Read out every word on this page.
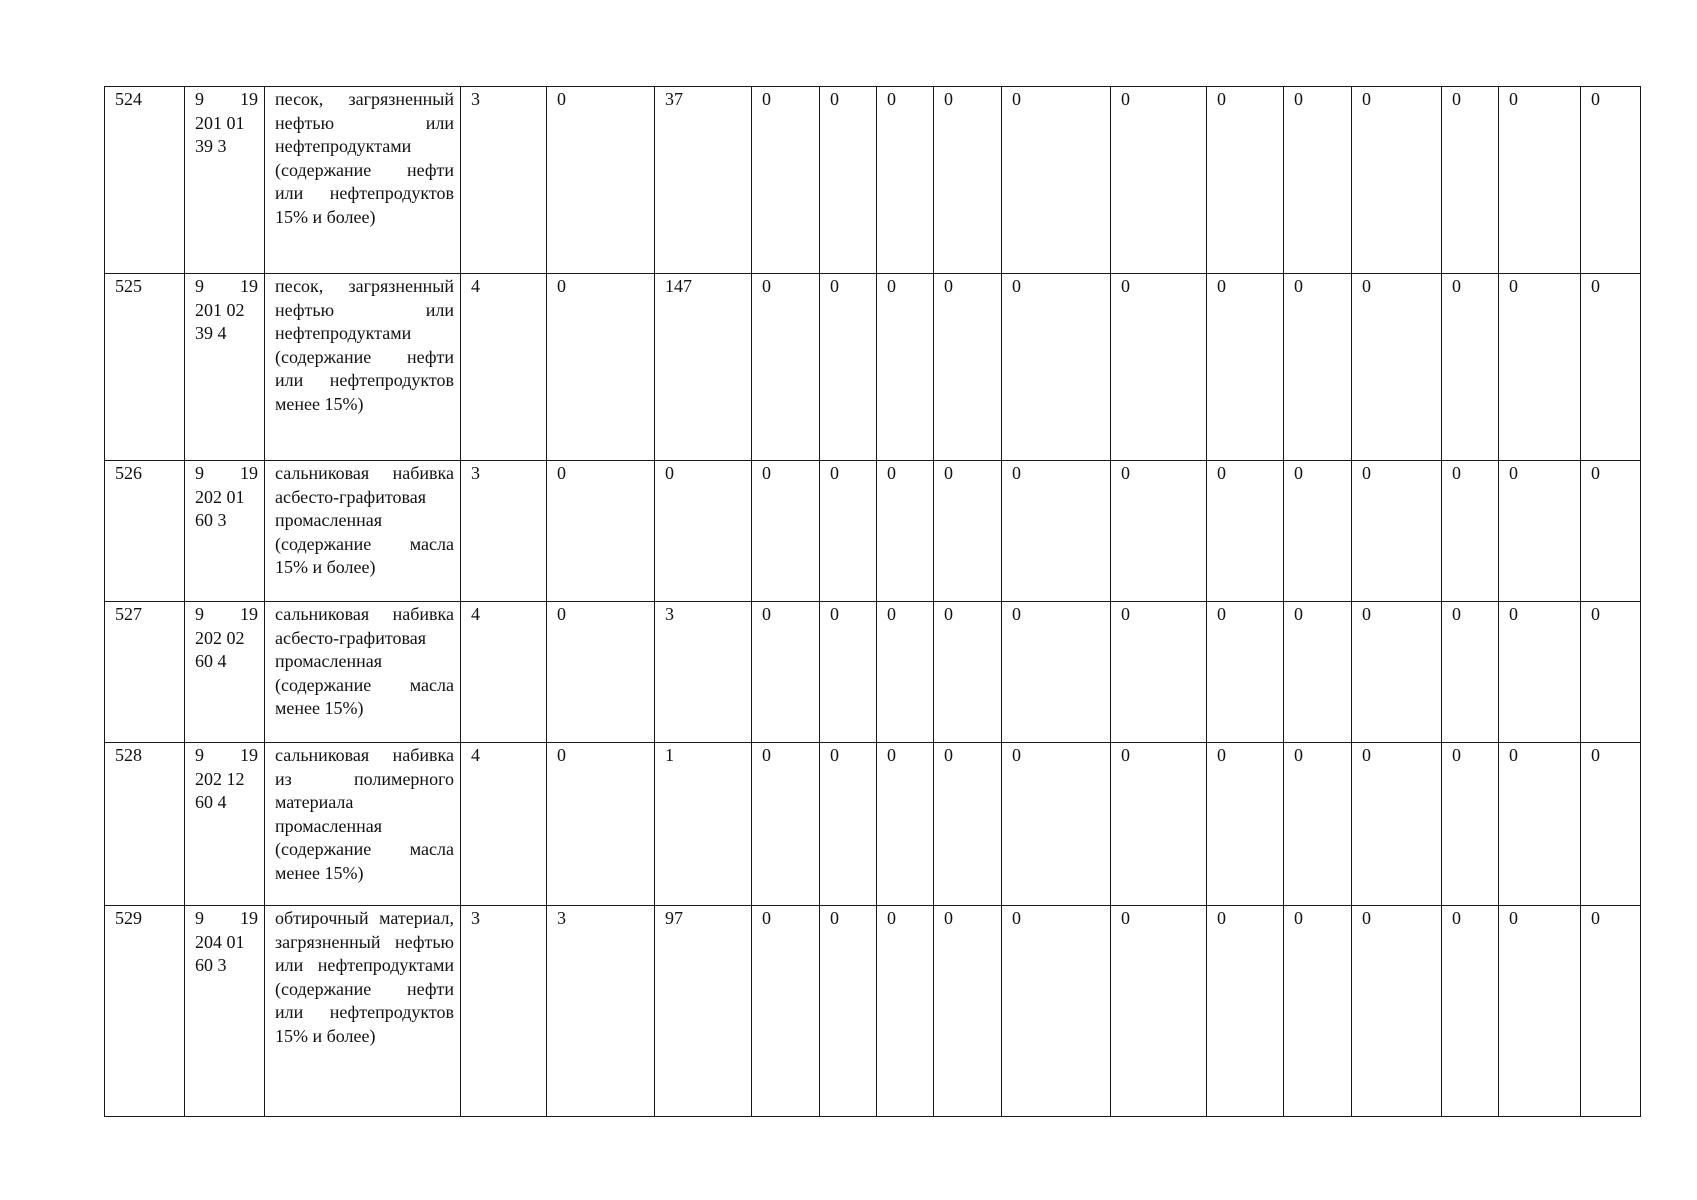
524	9 19
201 01
39 3	песок, загрязненный нефтью или нефтепродуктами (содержание нефти или нефтепродуктов 15% и более)	3	0	37	0	0	0	0	0	0	0	0	0	0	0	0
525	9 19
201 02
39 4	песок, загрязненный нефтью или нефтепродуктами (содержание нефти или нефтепродуктов менее 15%)	4	0	147	0	0	0	0	0	0	0	0	0	0	0	0
526	9 19
202 01
60 3	сальниковая набивка асбесто-графитовая промасленная (содержание масла 15% и более)	3	0	0	0	0	0	0	0	0	0	0	0	0	0	0
527	9 19
202 02
60 4	сальниковая набивка асбесто-графитовая промасленная (содержание масла менее 15%)	4	0	3	0	0	0	0	0	0	0	0	0	0	0	0
528	9 19
202 12
60 4	сальниковая набивка из полимерного материала промасленная (содержание масла менее 15%)	4	0	1	0	0	0	0	0	0	0	0	0	0	0	0
529	9 19
204 01
60 3	обтирочный материал, загрязненный нефтью или нефтепродуктами (содержание нефти или нефтепродуктов 15% и более)	3	3	97	0	0	0	0	0	0	0	0	0	0	0	0
